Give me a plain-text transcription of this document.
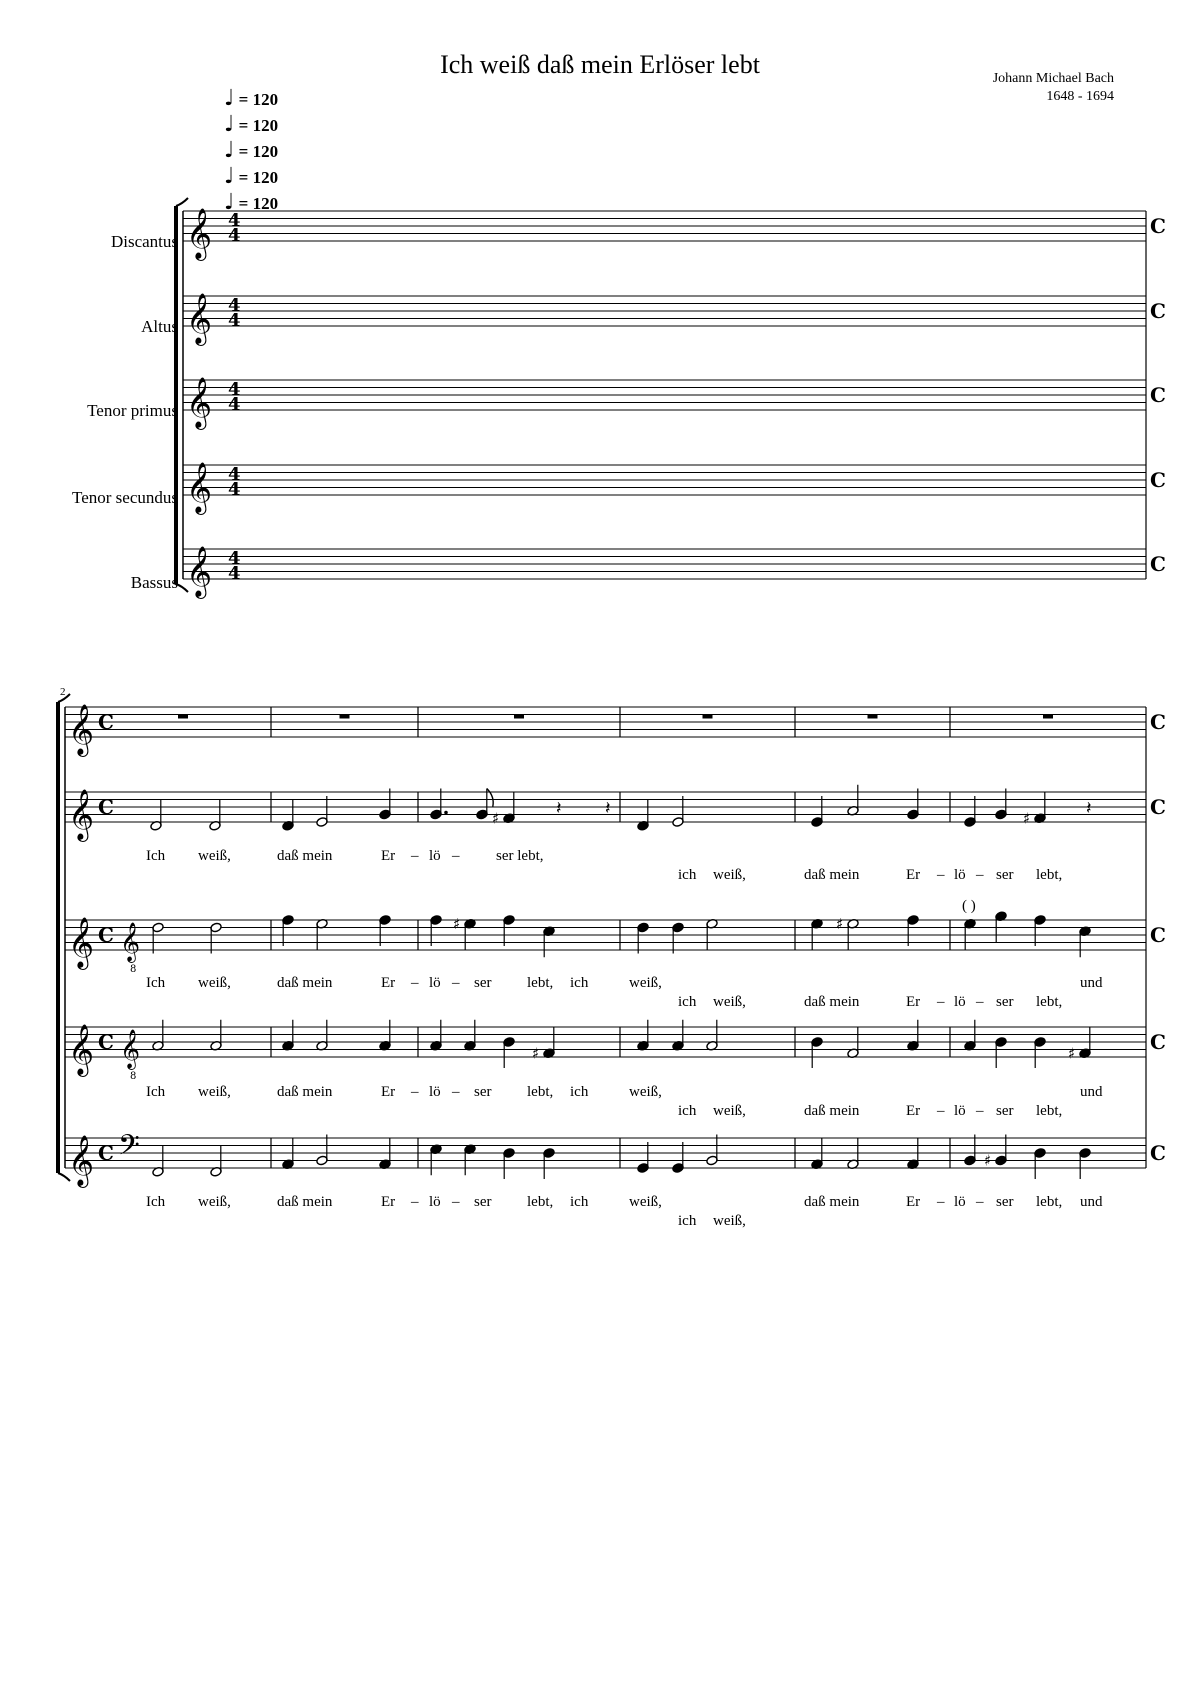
Ich weiß daß mein Erlöser lebt	Johann Michael Bach
1648 - 1694
♩ = 120
♩ = 120
♩ = 120
♩ = 120
♩ = 120
Discantus
Altus
Tenor primus
Tenor secundus
Bassus
2
𝄞 4
4	C
𝄞 4
4	C
𝄞 4
4	C
𝄞 4
4	C
𝄞 4
4	C
𝄞 C	C
𝄞 C	C
𝄞 C	C
𝄞 C	C
𝄞 C	C
𝄞
8
𝄞
8
𝄢
♯	𝄽 𝄽	♯	𝄽
♯	♯
♯	♯
♯
Ich weiß,	daß mein	Er – lö – ser lebt,
ich weiß,	daß mein	Er – lö – ser lebt,
Ich weiß,	daß mein	Er – lö – ser lebt, ich	weiß,	und
ich weiß,	daß mein	Er – lö – ser lebt,
Ich weiß,	daß mein	Er – lö – ser lebt, ich	weiß,	und
ich weiß,	daß mein	Er – lö – ser lebt,
Ich weiß,	daß mein	Er – lö – ser lebt, ich	weiß,	daß mein	Er – lö – ser lebt, und
ich weiß,
( )
